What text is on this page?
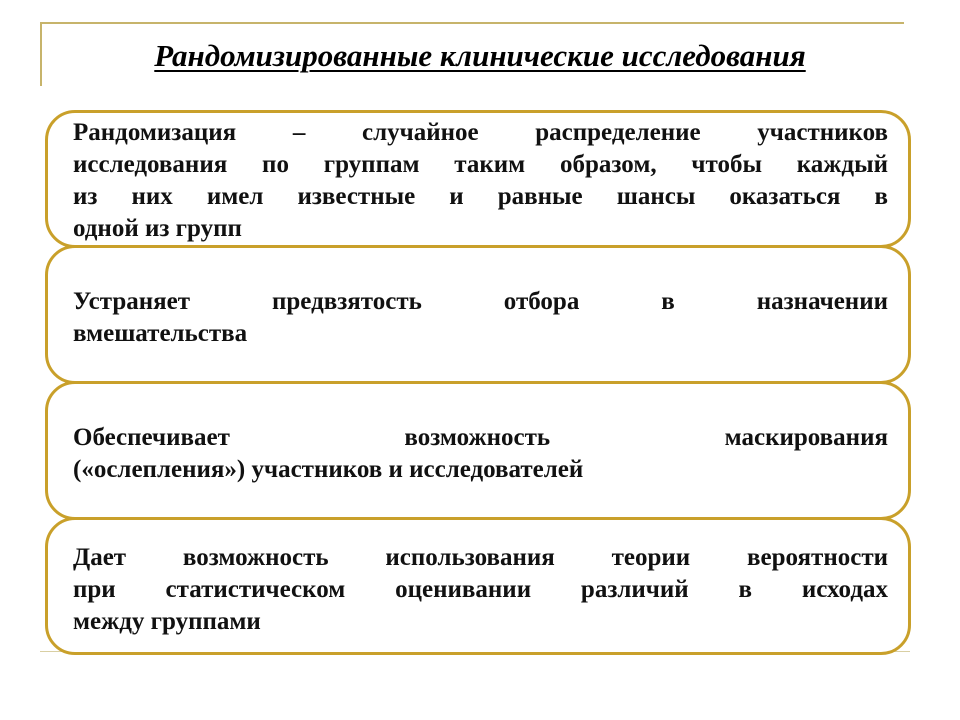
Рандомизированные клинические исследования
Рандомизация – случайное распределение участников
исследования по группам таким образом, чтобы каждый
из них имел известные и равные шансы оказаться в
одной из групп
Устраняет предвзятость отбора в назначении
вмешательства
Обеспечивает возможность маскирования
(«ослепления») участников и исследователей
Дает возможность использования теории вероятности
при статистическом оценивании различий в исходах
между группами
